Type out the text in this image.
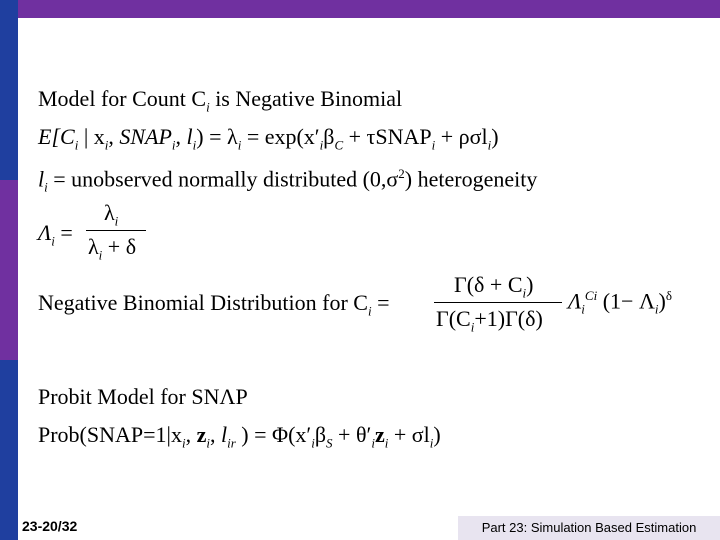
Model for Count $C_i$ is Negative Binomial
$E[C_i$ | $x_i$, $SNAP_i$, $l_i) = \lambda_i = \exp(x'_i\beta_C$ + τSNAP$_i$ + ρσl$_i$)
$l_i$ = unobserved normally distributed $(0,\sigma^2)$ heterogeneity
$\Lambda_i$ =
$\lambda_i$
$\lambda_i + \delta$
Negative Binomial Distribution for $C_i$ =
$\Gamma(\delta + C_i)$
$\Gamma(C_i+1)\Gamma(\delta)$
$\Lambda_i^{Ci}$ $(1- \Lambda_i)^\delta$
Probit Model for SNΛP
$Prob(SNAP=1|x_i$, $z_i$, $l_{ir}$ ) = $\Phi(x'_i\beta_S + \theta'_iz_i + \sigma l_i)$
23-20/32	Part 23: Simulation Based Estimation
